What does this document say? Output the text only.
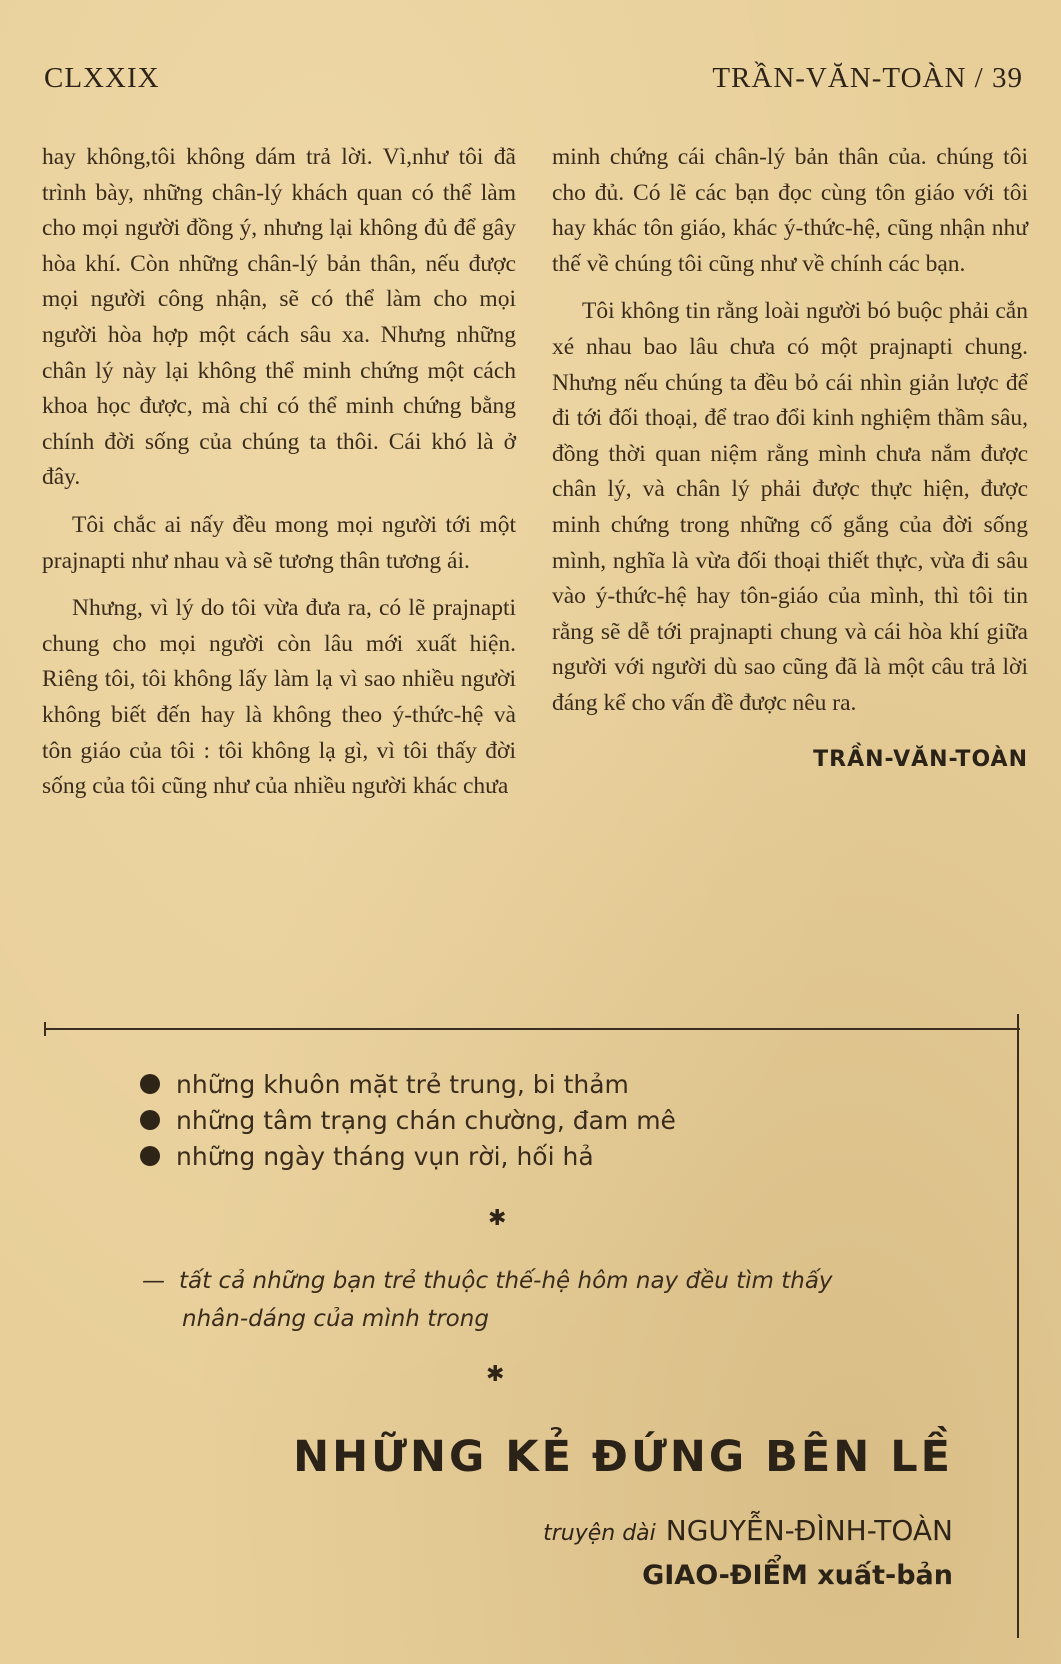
CLXXIX	TRẦN-VĂN-TOÀN / 39

hay không,tôi không dám trả lời. Vì,như tôi đã trình bày, những chân-lý khách quan có thể làm cho mọi người đồng ý, nhưng lại không đủ để gây hòa khí. Còn những chân-lý bản thân, nếu được mọi người công nhận, sẽ có thể làm cho mọi người hòa hợp một cách sâu xa. Nhưng những chân lý này lại không thể minh chứng một cách khoa học được, mà chỉ có thể minh chứng bằng chính đời sống của chúng ta thôi. Cái khó là ở đây.

Tôi chắc ai nấy đều mong mọi người tới một prajnapti như nhau và sẽ tương thân tương ái.

Nhưng, vì lý do tôi vừa đưa ra, có lẽ prajnapti chung cho mọi người còn lâu mới xuất hiện. Riêng tôi, tôi không lấy làm lạ vì sao nhiều người không biết đến hay là không theo ý-thức-hệ và tôn giáo của tôi : tôi không lạ gì, vì tôi thấy đời sống của tôi cũng như của nhiều người khác chưa

minh chứng cái chân-lý bản thân của. chúng tôi cho đủ. Có lẽ các bạn đọc cùng tôn giáo với tôi hay khác tôn giáo, khác ý-thức-hệ, cũng nhận như thế về chúng tôi cũng như về chính các bạn.

Tôi không tin rằng loài người bó buộc phải cắn xé nhau bao lâu chưa có một prajnapti chung. Nhưng nếu chúng ta đều bỏ cái nhìn giản lược để đi tới đối thoại, để trao đổi kinh nghiệm thầm sâu, đồng thời quan niệm rằng mình chưa nắm được chân lý, và chân lý phải được thực hiện, được minh chứng trong những cố gắng của đời sống mình, nghĩa là vừa đối thoại thiết thực, vừa đi sâu vào ý-thức-hệ hay tôn-giáo của mình, thì tôi tin rằng sẽ dễ tới prajnapti chung và cái hòa khí giữa người với người dù sao cũng đã là một câu trả lời đáng kể cho vấn đề được nêu ra.

TRẦN-VĂN-TOÀN
những khuôn mặt trẻ trung, bi thảm
những tâm trạng chán chường, đam mê
những ngày tháng vụn rời, hối hả
✱
— tất cả những bạn trẻ thuộc thế-hệ hôm nay đều tìm thấy
nhân-dáng của mình trong
✱
NHỮNG KẺ ĐỨNG BÊN LỀ
truyện dài NGUYỄN-ĐÌNH-TOÀN
GIAO-ĐIỂM xuất-bản
